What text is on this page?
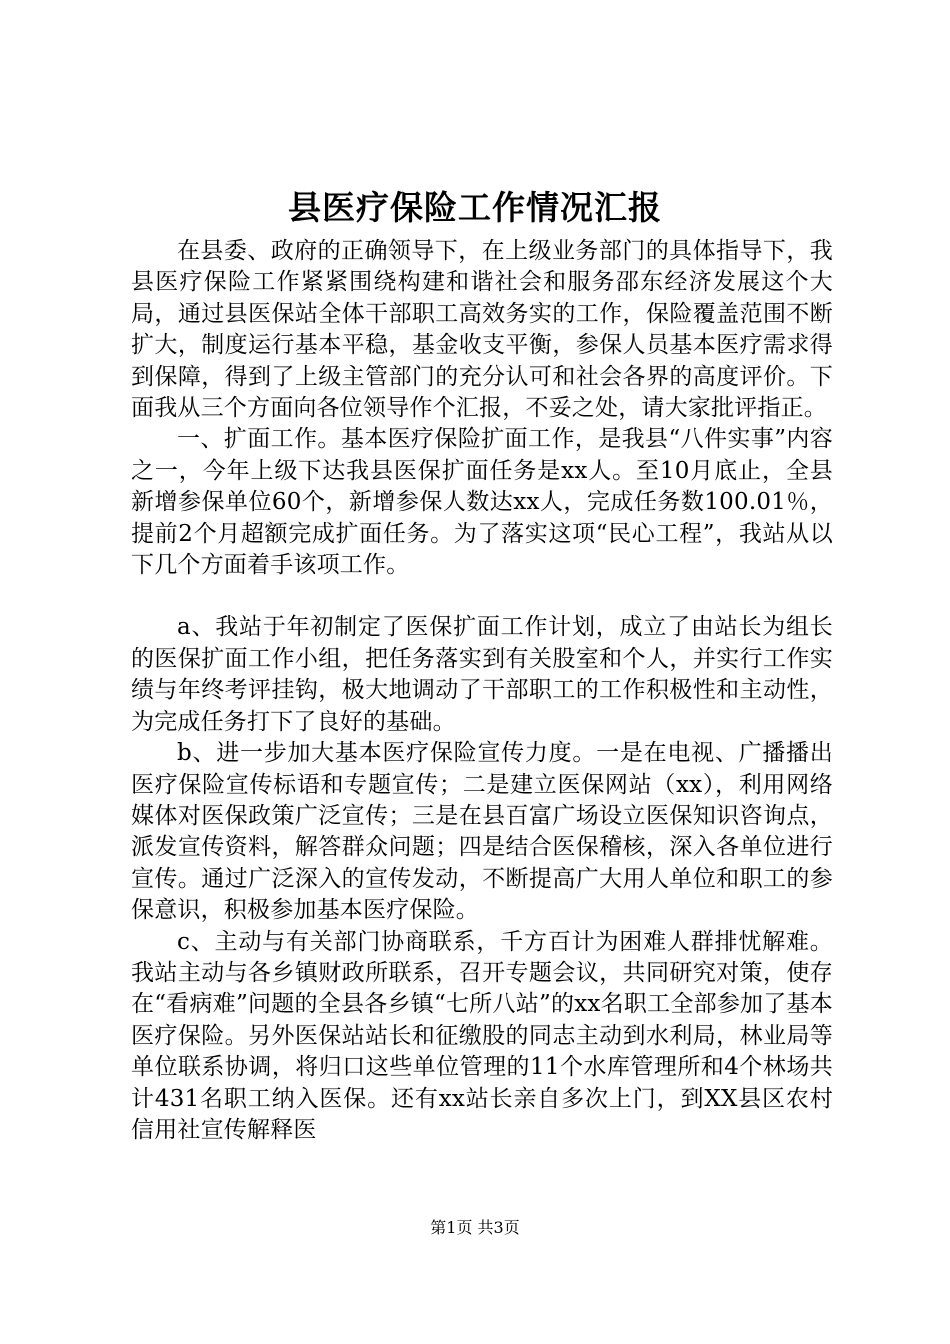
县医疗保险工作情况汇报

在县委、政府的正确领导下，在上级业务部门的具体指导下，我县医疗保险工作紧紧围绕构建和谐社会和服务邵东经济发展这个大局，通过县医保站全体干部职工高效务实的工作，保险覆盖范围不断扩大，制度运行基本平稳，基金收支平衡，参保人员基本医疗需求得到保障，得到了上级主管部门的充分认可和社会各界的高度评价。下面我从三个方面向各位领导作个汇报，不妥之处，请大家批评指正。

一、扩面工作。基本医疗保险扩面工作，是我县“八件实事”内容之一，今年上级下达我县医保扩面任务是xx人。至10月底止，全县新增参保单位60个，新增参保人数达xx人，完成任务数100.01％，提前2个月超额完成扩面任务。为了落实这项“民心工程”，我站从以下几个方面着手该项工作。

a、我站于年初制定了医保扩面工作计划，成立了由站长为组长的医保扩面工作小组，把任务落实到有关股室和个人，并实行工作实绩与年终考评挂钩，极大地调动了干部职工的工作积极性和主动性，为完成任务打下了良好的基础。

b、进一步加大基本医疗保险宣传力度。一是在电视、广播播出医疗保险宣传标语和专题宣传；二是建立医保网站（xx），利用网络媒体对医保政策广泛宣传；三是在县百富广场设立医保知识咨询点，派发宣传资料，解答群众问题；四是结合医保稽核，深入各单位进行宣传。通过广泛深入的宣传发动，不断提高广大用人单位和职工的参保意识，积极参加基本医疗保险。

c、主动与有关部门协商联系，千方百计为困难人群排忧解难。我站主动与各乡镇财政所联系，召开专题会议，共同研究对策，使存在“看病难”问题的全县各乡镇“七所八站”的xx名职工全部参加了基本医疗保险。另外医保站站长和征缴股的同志主动到水利局，林业局等单位联系协调，将归口这些单位管理的11个水库管理所和4个林场共计431名职工纳入医保。还有xx站长亲自多次上门，到XX县区农村信用社宣传解释医

第1页 共3页
